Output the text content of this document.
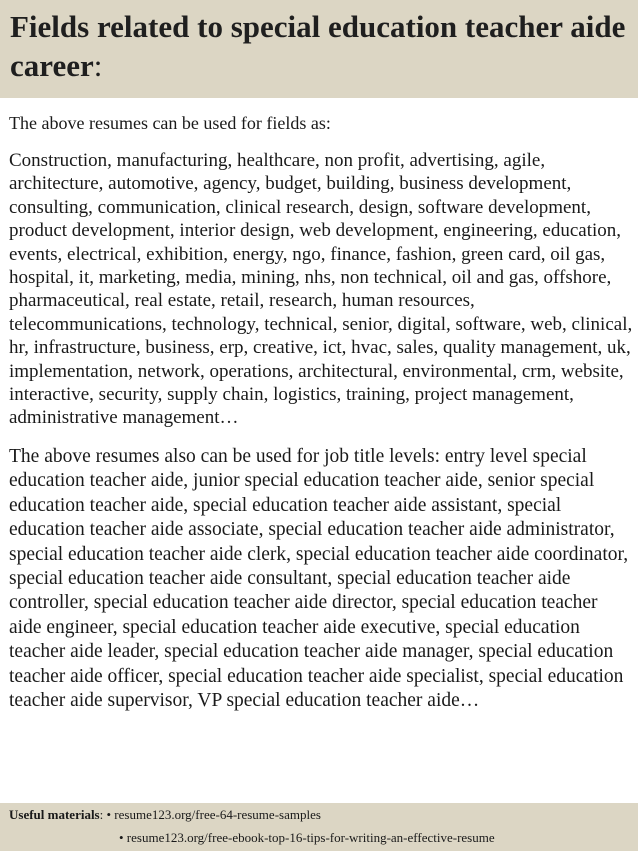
Fields related to special education teacher aide career:

The above resumes can be used for fields as:

Construction, manufacturing, healthcare, non profit, advertising, agile, architecture, automotive, agency, budget, building, business development, consulting, communication, clinical research, design, software development, product development, interior design, web development, engineering, education, events, electrical, exhibition, energy, ngo, finance, fashion, green card, oil gas, hospital, it, marketing, media, mining, nhs, non technical, oil and gas, offshore, pharmaceutical, real estate, retail, research, human resources, telecommunications, technology, technical, senior, digital, software, web, clinical, hr, infrastructure, business, erp, creative, ict, hvac, sales, quality management, uk, implementation, network, operations, architectural, environmental, crm, website, interactive, security, supply chain, logistics, training, project management, administrative management…

The above resumes also can be used for job title levels: entry level special education teacher aide, junior special education teacher aide, senior special education teacher aide, special education teacher aide assistant, special education teacher aide associate, special education teacher aide administrator, special education teacher aide clerk, special education teacher aide coordinator, special education teacher aide consultant, special education teacher aide controller, special education teacher aide director, special education teacher aide engineer, special education teacher aide executive, special education teacher aide leader, special education teacher aide manager, special education teacher aide officer, special education teacher aide specialist, special education teacher aide supervisor, VP special education teacher aide…

Useful materials: • resume123.org/free-64-resume-samples
• resume123.org/free-ebook-top-16-tips-for-writing-an-effective-resume
